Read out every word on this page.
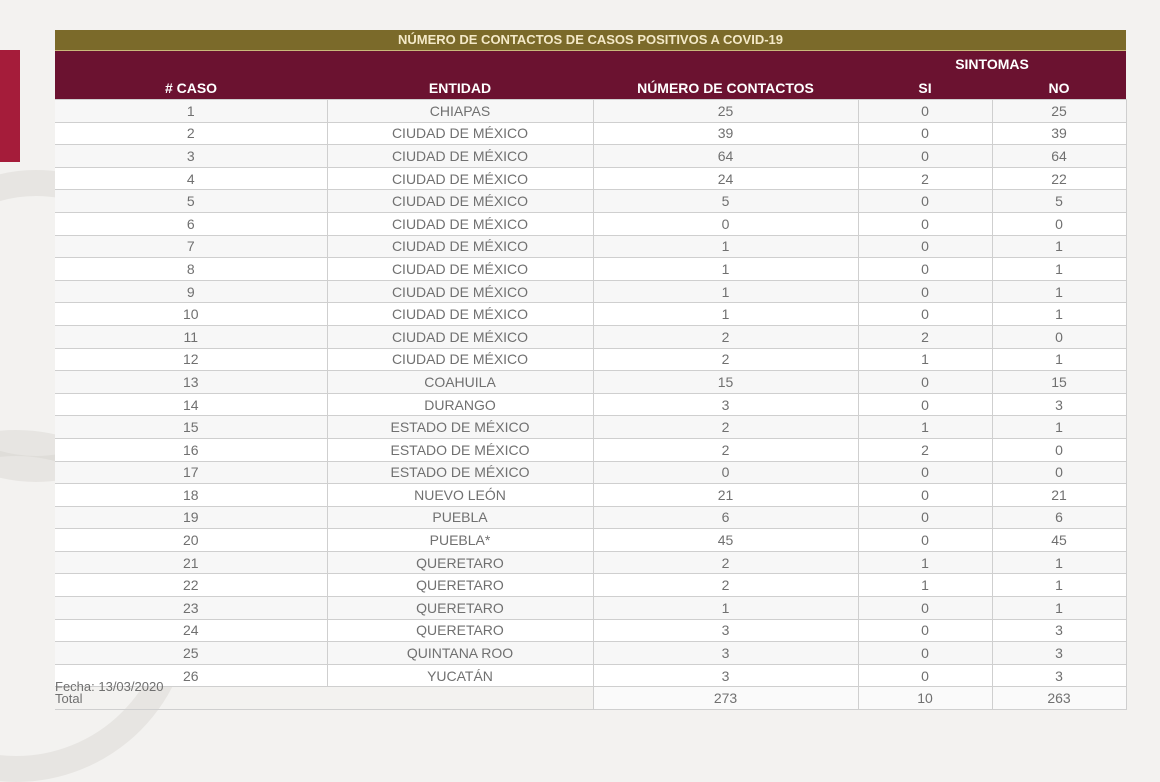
NÚMERO DE CONTACTOS DE CASOS POSITIVOS A COVID-19
			SINTOMAS	
# CASO	ENTIDAD	NÚMERO DE CONTACTOS	SI	NO
1	CHIAPAS	25	0	25
2	CIUDAD DE MÉXICO	39	0	39
3	CIUDAD DE MÉXICO	64	0	64
4	CIUDAD DE MÉXICO	24	2	22
5	CIUDAD DE MÉXICO	5	0	5
6	CIUDAD DE MÉXICO	0	0	0
7	CIUDAD DE MÉXICO	1	0	1
8	CIUDAD DE MÉXICO	1	0	1
9	CIUDAD DE MÉXICO	1	0	1
10	CIUDAD DE MÉXICO	1	0	1
11	CIUDAD DE MÉXICO	2	2	0
12	CIUDAD DE MÉXICO	2	1	1
13	COAHUILA	15	0	15
14	DURANGO	3	0	3
15	ESTADO DE MÉXICO	2	1	1
16	ESTADO DE MÉXICO	2	2	0
17	ESTADO DE MÉXICO	0	0	0
18	NUEVO LEÓN	21	0	21
19	PUEBLA	6	0	6
20	PUEBLA*	45	0	45
21	QUERETARO	2	1	1
22	QUERETARO	2	1	1
23	QUERETARO	1	0	1
24	QUERETARO	3	0	3
25	QUINTANA ROO	3	0	3
26	YUCATÁN	3	0	3
Total		273	10	263
Fecha: 13/03/2020
